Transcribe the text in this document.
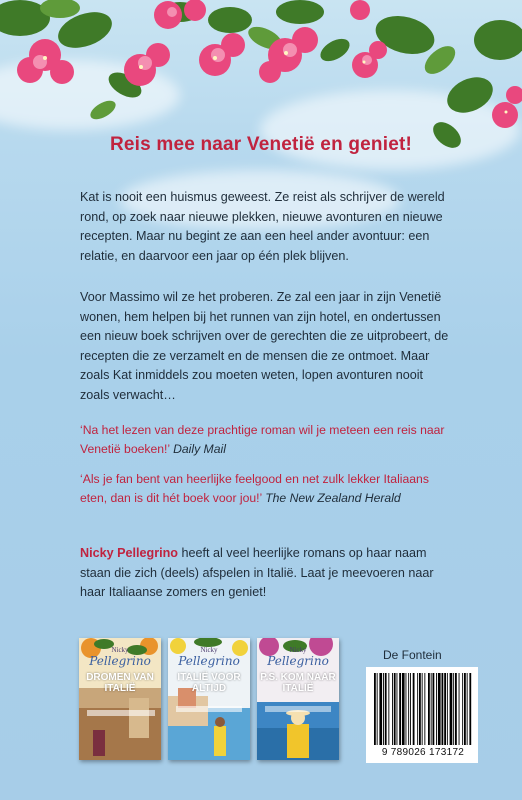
Reis mee naar Venetië en geniet!

Kat is nooit een huismus geweest. Ze reist als schrijver de wereld rond, op zoek naar nieuwe plekken, nieuwe avonturen en nieuwe recepten. Maar nu begint ze aan een heel ander avontuur: een relatie, en daarvoor een jaar op één plek blijven.

Voor Massimo wil ze het proberen. Ze zal een jaar in zijn Venetië wonen, hem helpen bij het runnen van zijn hotel, en ondertussen een nieuw boek schrijven over de gerechten die ze uitprobeert, de recepten die ze verzamelt en de mensen die ze ontmoet. Maar zoals Kat inmiddels zou moeten weten, lopen avonturen nooit zoals verwacht…

‘Na het lezen van deze prachtige roman wil je meteen een reis naar Venetië boeken!’ Daily Mail
‘Als je fan bent van heerlijke feelgood en net zulk lekker Italiaans eten, dan is dit hét boek voor jou!’ The New Zealand Herald

Nicky Pellegrino heeft al veel heerlijke romans op haar naam staan die zich (deels) afspelen in Italië. Laat je meevoeren naar haar Italiaanse zomers en geniet!

Nicky
Pellegrino
DROMEN VAN ITALIË
Nicky
Pellegrino
ITALIË VOOR ALTIJD
Nicky
Pellegrino
P.S. KOM NAAR ITALIË
De Fontein
9 789026 173172
